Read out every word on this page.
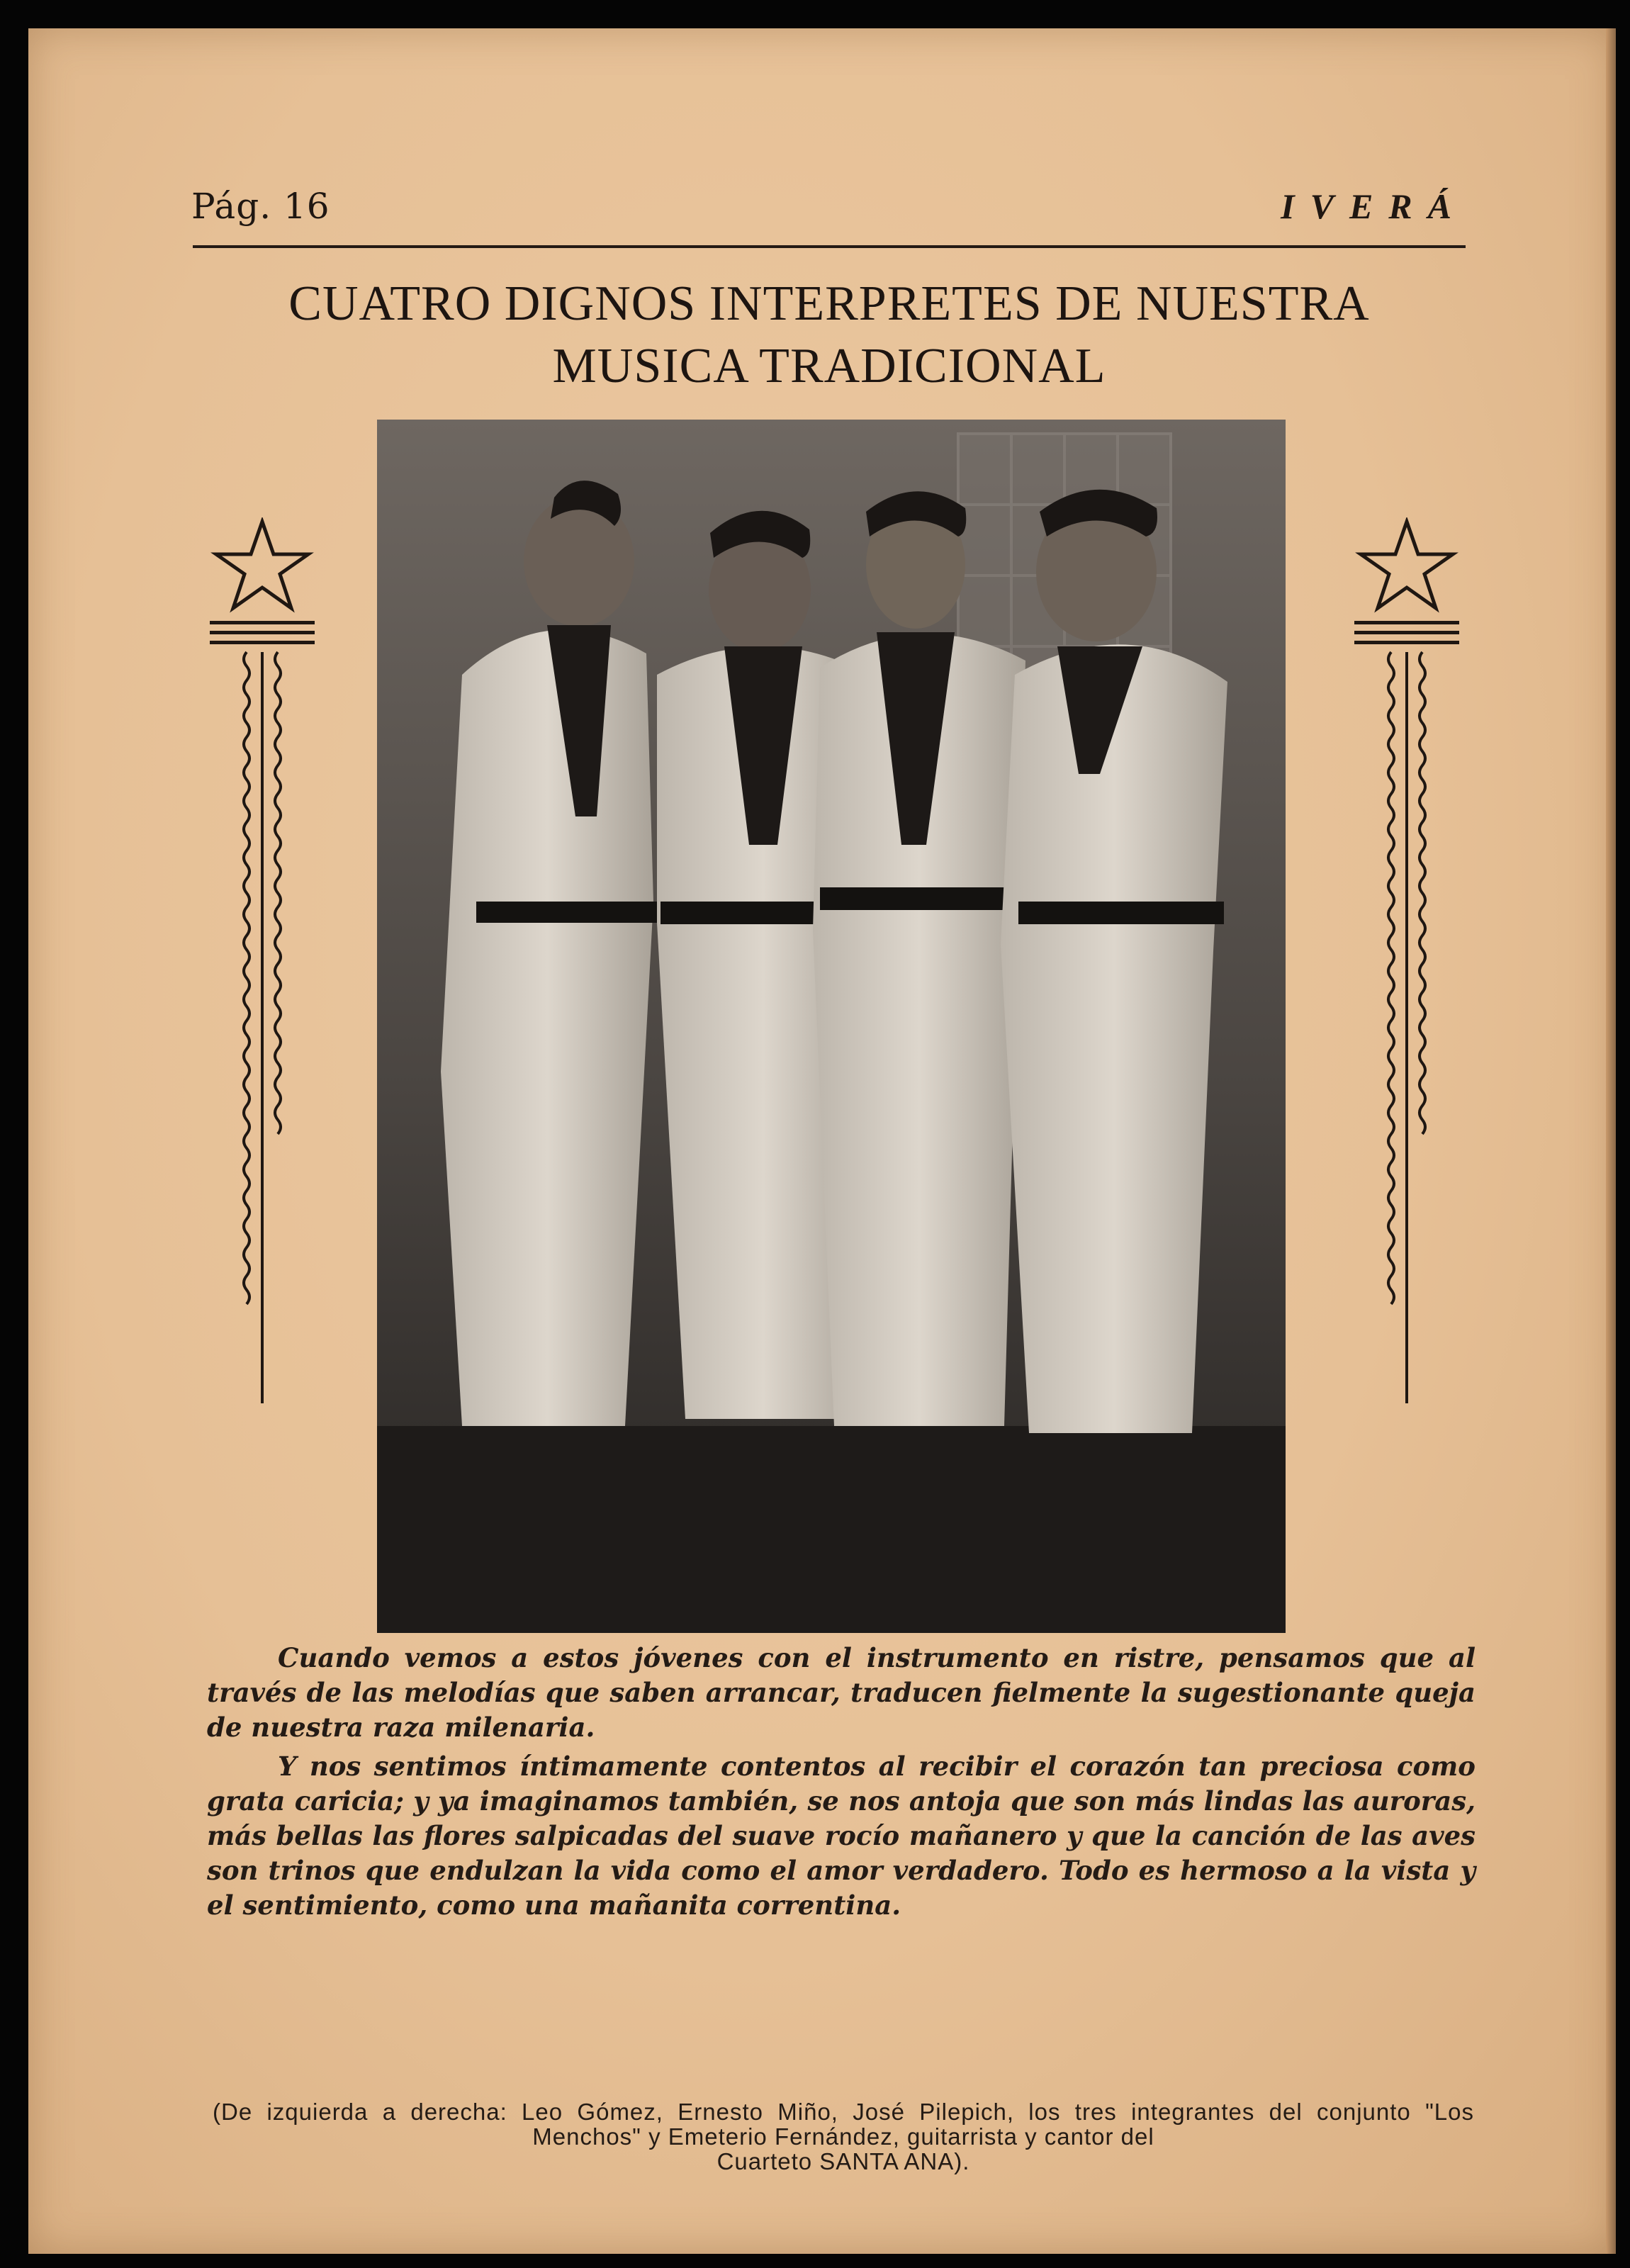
Pág. 16	IVERÁ
CUATRO DIGNOS INTERPRETES DE NUESTRA
MUSICA TRADICIONAL

Cuando vemos a estos jóvenes con el instrumento en ristre, pensamos que al través de las melodías que saben arrancar, traducen fielmente la sugestionante queja de nuestra raza milenaria.

Y nos sentimos íntimamente contentos al recibir el corazón tan preciosa como grata caricia; y ya imaginamos también, se nos antoja que son más lindas las auroras, más bellas las flores salpicadas del suave rocío mañanero y que la canción de las aves son trinos que endulzan la vida como el amor verdadero. Todo es hermoso a la vista y el sentimiento, como una mañanita correntina.

(De izquierda a derecha: Leo Gómez, Ernesto Miño, José Pilepich, los tres integrantes del conjunto "Los Menchos" y Emeterio Fernández, guitarrista y cantor del
Cuarteto SANTA ANA).
